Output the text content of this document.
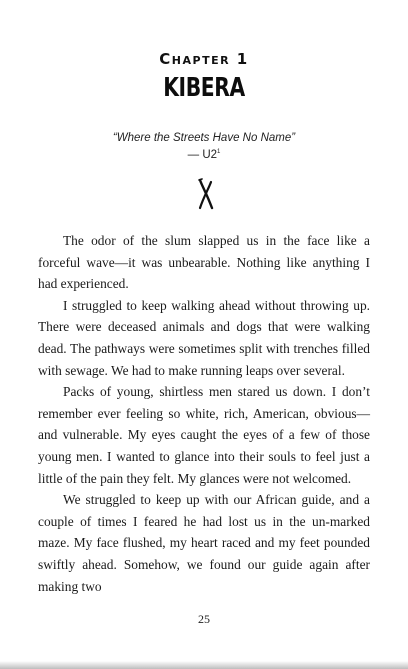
Chapter 1
KIBERA
“Where the Streets Have No Name”
— $U2^1$

The odor of the slum slapped us in the face like a forceful wave—it was unbearable. Nothing like anything I had experienced.

I struggled to keep walking ahead without throwing up. There were deceased animals and dogs that were walking dead. The pathways were sometimes split with trenches filled with sewage. We had to make running leaps over several.

Packs of young, shirtless men stared us down. I don’t remember ever feeling so white, rich, American, obvious—and vulnerable. My eyes caught the eyes of a few of those young men. I wanted to glance into their souls to feel just a little of the pain they felt. My glances were not welcomed.

We struggled to keep up with our African guide, and a couple of times I feared he had lost us in the un-marked maze. My face flushed, my heart raced and my feet pounded swiftly ahead. Somehow, we found our guide again after making two

25
